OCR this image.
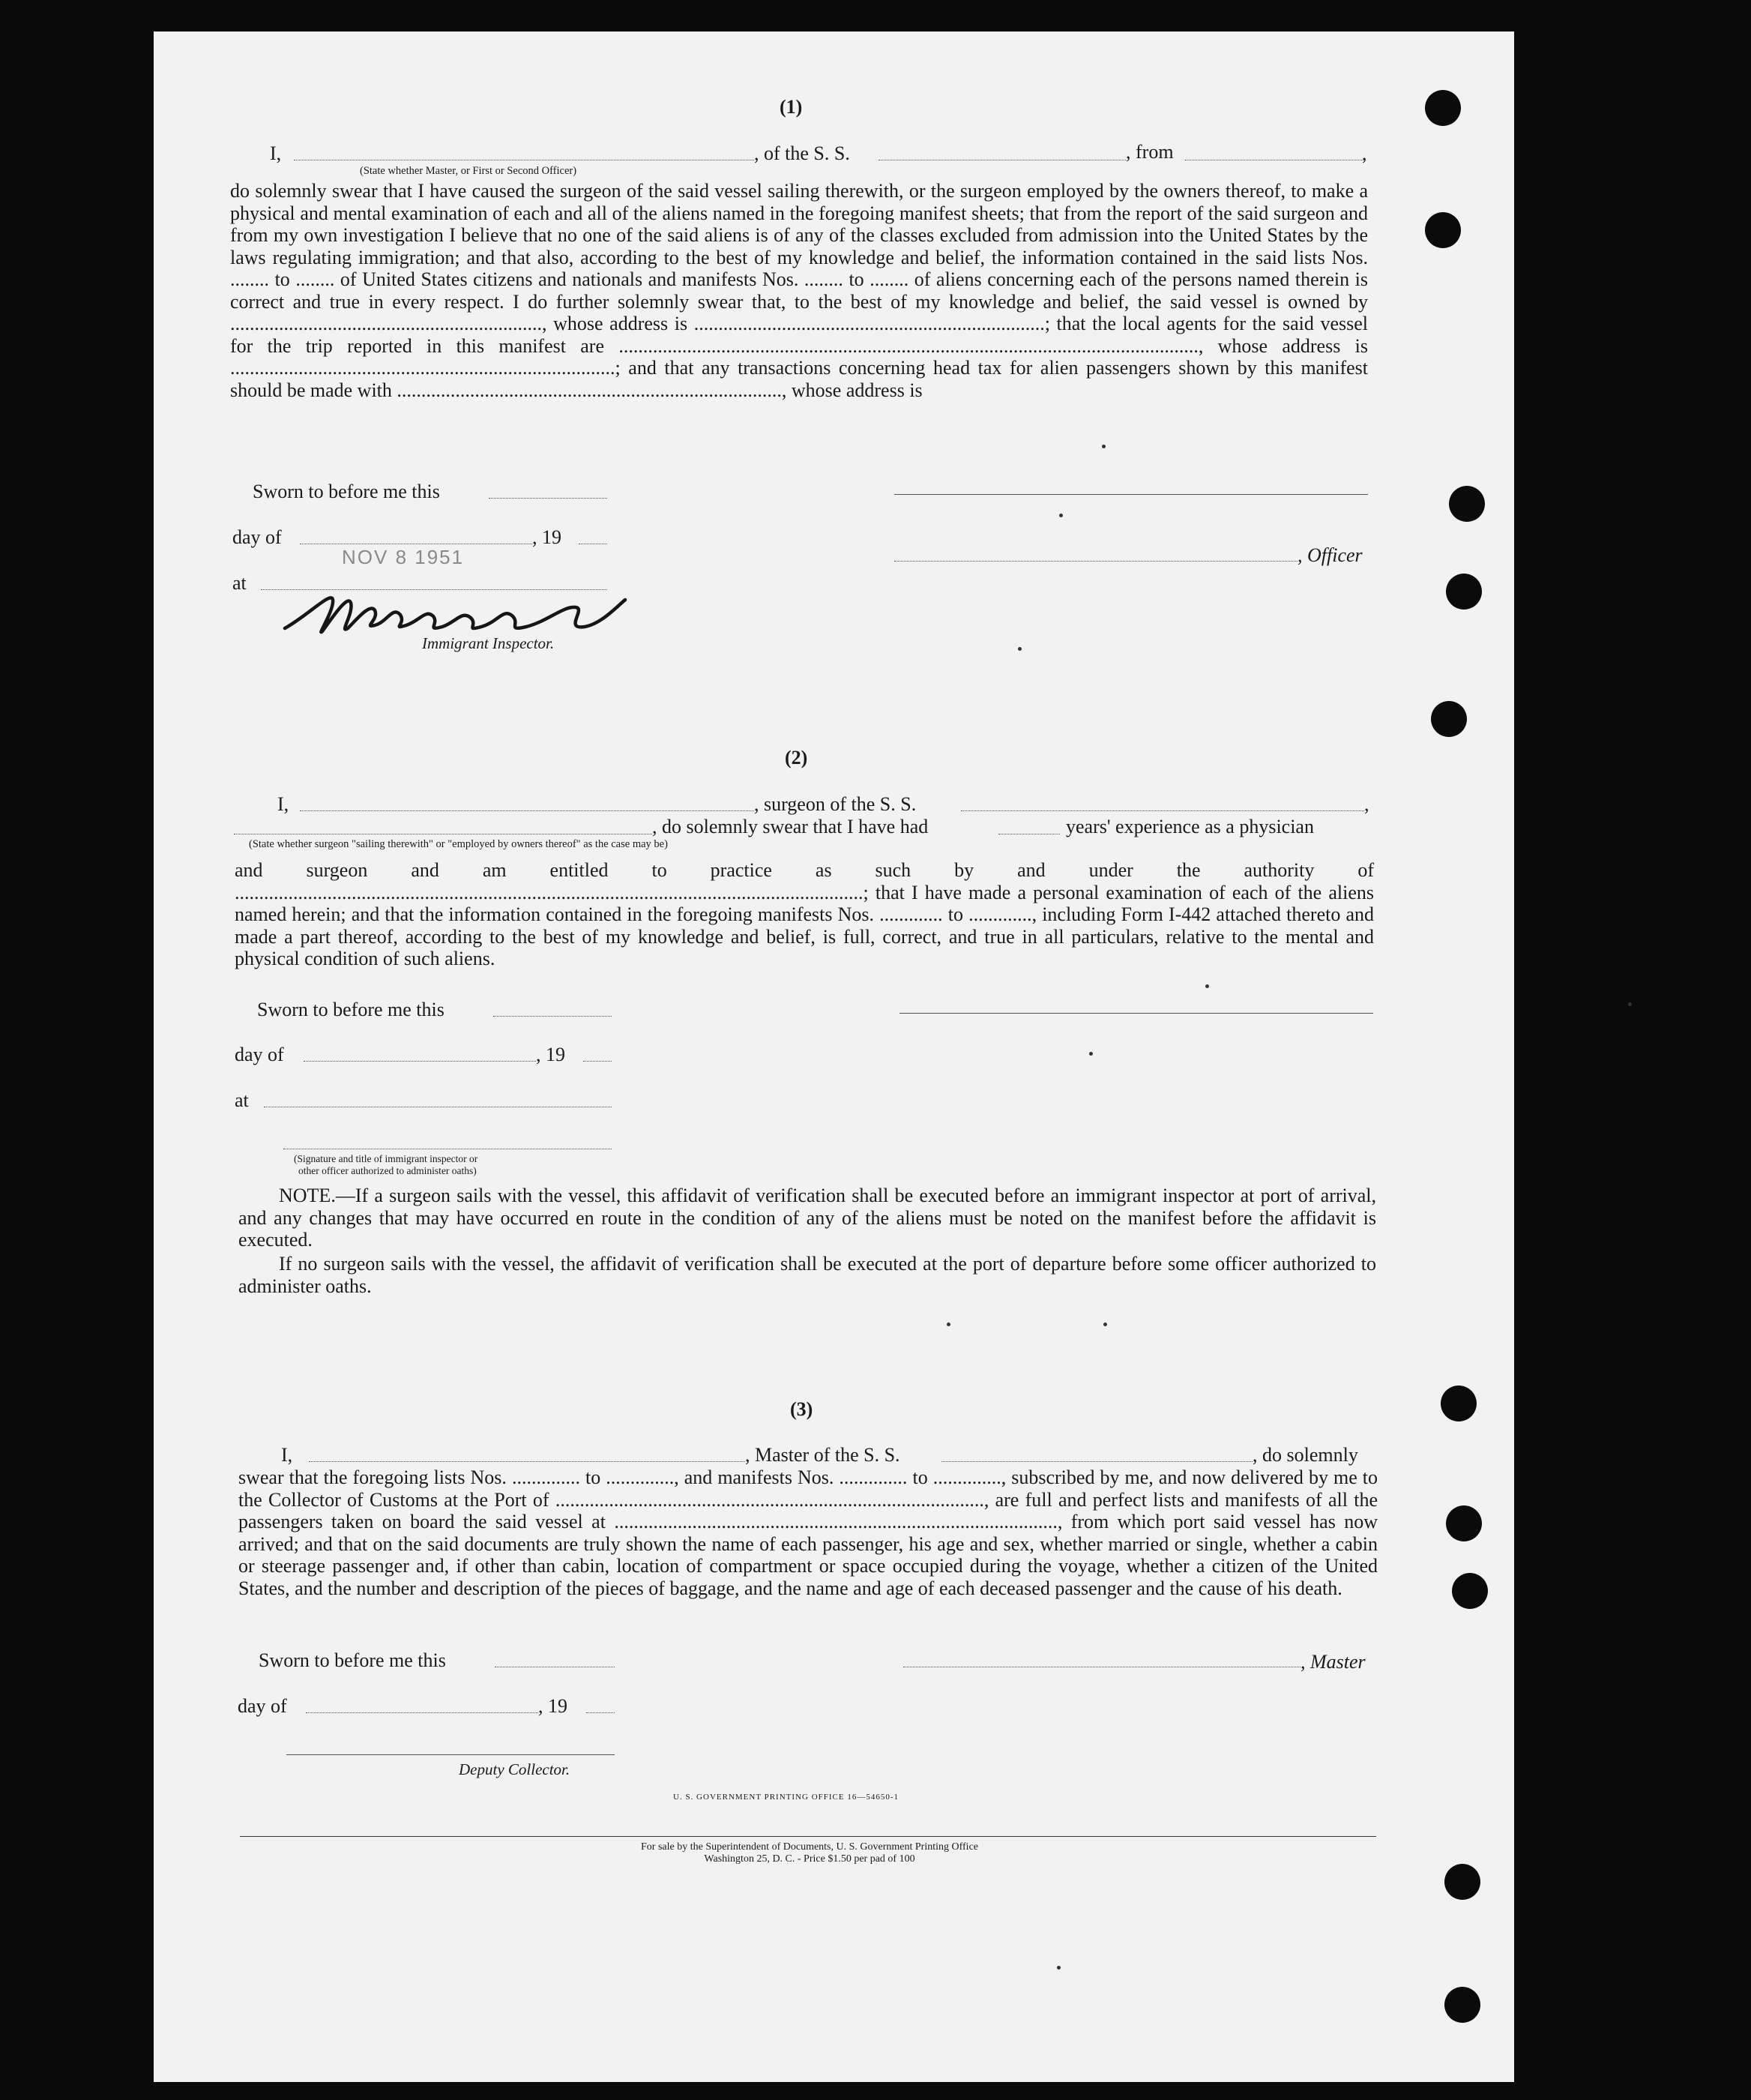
(1)
I,	, of the S. S.	, from	,
(State whether Master, or First or Second Officer)
do solemnly swear that I have caused the surgeon of the said vessel sailing therewith, or the surgeon employed by the owners thereof, to make a physical and mental examination of each and all of the aliens named in the foregoing manifest sheets; that from the report of the said surgeon and from my own investigation I believe that no one of the said aliens is of any of the classes excluded from admission into the United States by the laws regulating immigration; and that also, according to the best of my knowledge and belief, the information contained in the said lists Nos. ........ to ........ of United States citizens and nationals and manifests Nos. ........ to ........ of aliens concerning each of the persons named therein is correct and true in every respect. I do further solemnly swear that, to the best of my knowledge and belief, the said vessel is owned by ................................................................, whose address is ........................................................................; that the local agents for the said vessel for the trip reported in this manifest are ......................................................................................................................., whose address is ...............................................................................; and that any transactions concerning head tax for alien passengers shown by this manifest should be made with ..............................................................................., whose address is
Sworn to before me this
day of	, 19
NOV 8 1951	, Officer
at
Immigrant Inspector.
(2)
I,	, surgeon of the S. S.	,
, do solemnly swear that I have had	years' experience as a physician
(State whether surgeon "sailing therewith" or "employed by owners thereof" as the case may be)
and surgeon and am entitled to practice as such by and under the authority of .................................................................................................................................; that I have made a personal examination of each of the aliens named herein; and that the information contained in the foregoing manifests Nos. ............. to ............., including Form I-442 attached thereto and made a part thereof, according to the best of my knowledge and belief, is full, correct, and true in all particulars, relative to the mental and physical condition of such aliens.
Sworn to before me this
day of	, 19
at
(Signature and title of immigrant inspector or
other officer authorized to administer oaths)
NOTE.—If a surgeon sails with the vessel, this affidavit of verification shall be executed before an immigrant inspector at port of arrival, and any changes that may have occurred en route in the condition of any of the aliens must be noted on the manifest before the affidavit is executed.
If no surgeon sails with the vessel, the affidavit of verification shall be executed at the port of departure before some officer authorized to administer oaths.
(3)
I,	, Master of the S. S.	, do solemnly
swear that the foregoing lists Nos. .............. to .............., and manifests Nos. .............. to .............., subscribed by me, and now delivered by me to the Collector of Customs at the Port of ........................................................................................, are full and perfect lists and manifests of all the passengers taken on board the said vessel at ..........................................................................................., from which port said vessel has now arrived; and that on the said documents are truly shown the name of each passenger, his age and sex, whether married or single, whether a cabin or steerage passenger and, if other than cabin, location of compartment or space occupied during the voyage, whether a citizen of the United States, and the number and description of the pieces of baggage, and the name and age of each deceased passenger and the cause of his death.
Sworn to before me this	, Master
day of	, 19
Deputy Collector.
U. S. GOVERNMENT PRINTING OFFICE 16—54650-1
For sale by the Superintendent of Documents, U. S. Government Printing Office
Washington 25, D. C. - Price $1.50 per pad of 100
